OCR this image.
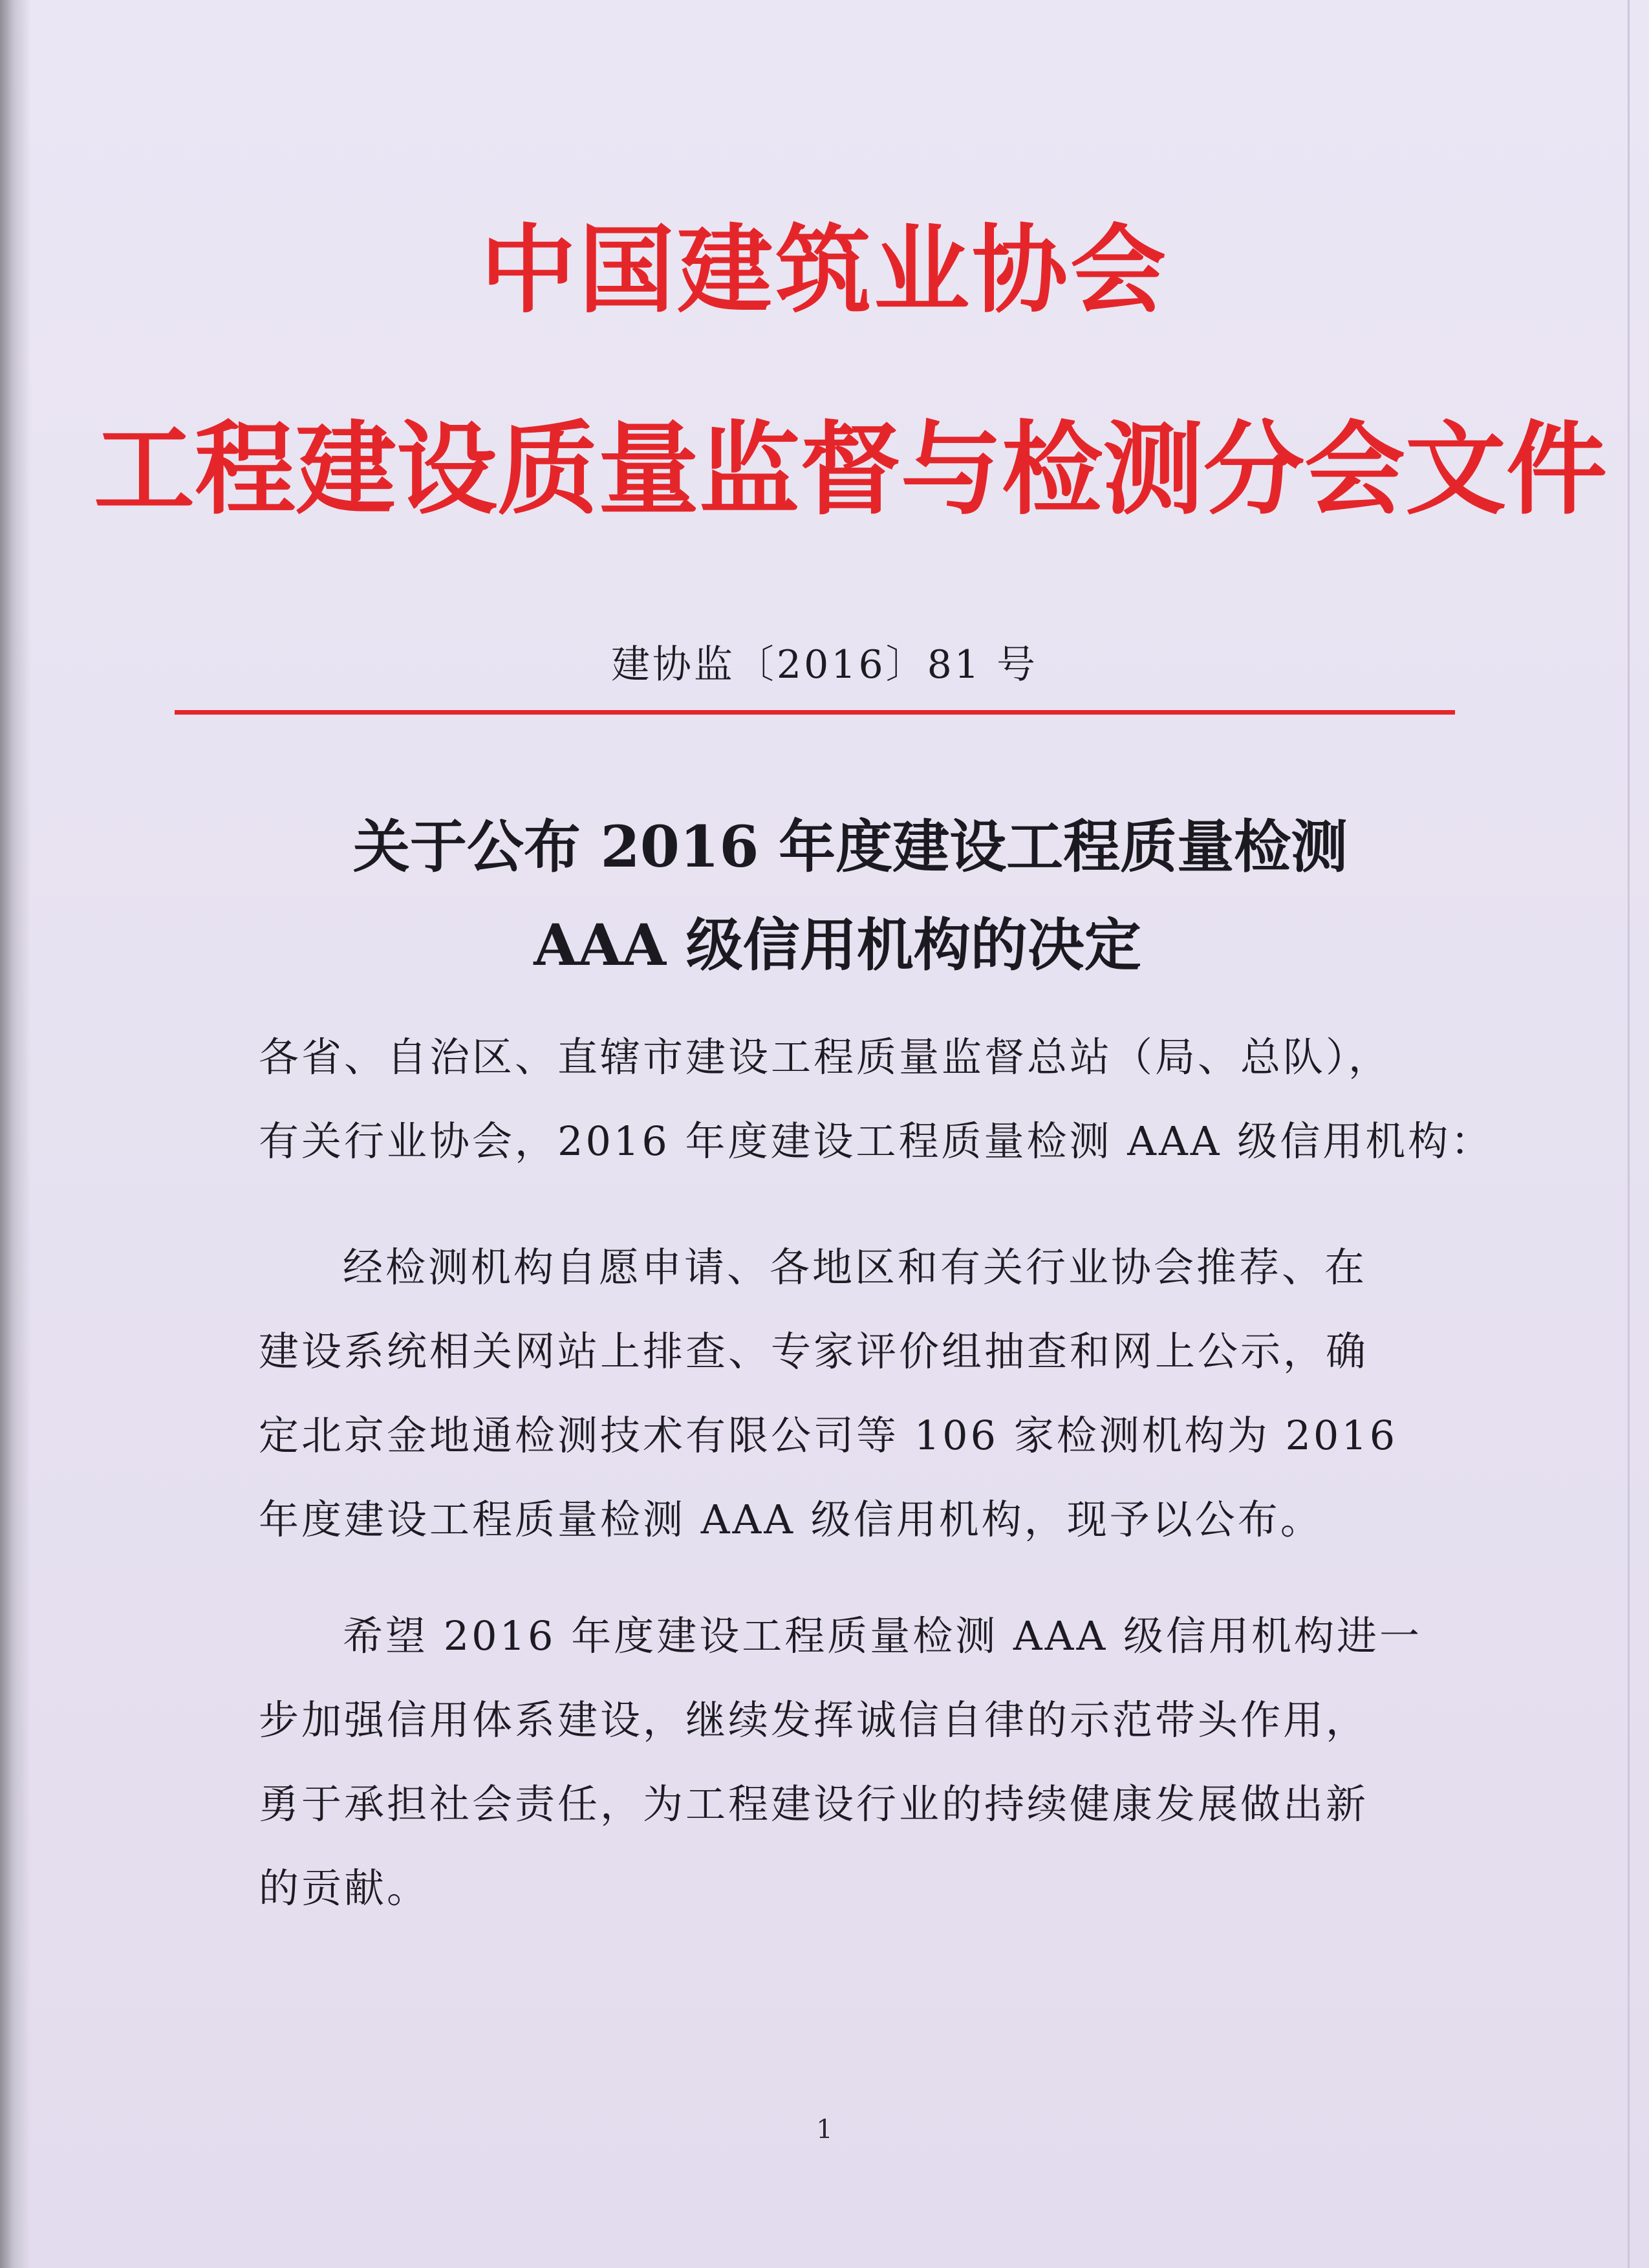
中国建筑业协会
工程建设质量监督与检测分会文件
建协监〔2016〕81 号
关于公布 2016 年度建设工程质量检测
AAA 级信用机构的决定
各省、自治区、直辖市建设工程质量监督总站（局、总队），
有关行业协会，2016 年度建设工程质量检测 AAA 级信用机构：
经检测机构自愿申请、各地区和有关行业协会推荐、在
建设系统相关网站上排查、专家评价组抽查和网上公示，确
定北京金地通检测技术有限公司等 106 家检测机构为 2016
年度建设工程质量检测 AAA 级信用机构，现予以公布。
希望 2016 年度建设工程质量检测 AAA 级信用机构进一
步加强信用体系建设，继续发挥诚信自律的示范带头作用，
勇于承担社会责任，为工程建设行业的持续健康发展做出新
的贡献。
1
